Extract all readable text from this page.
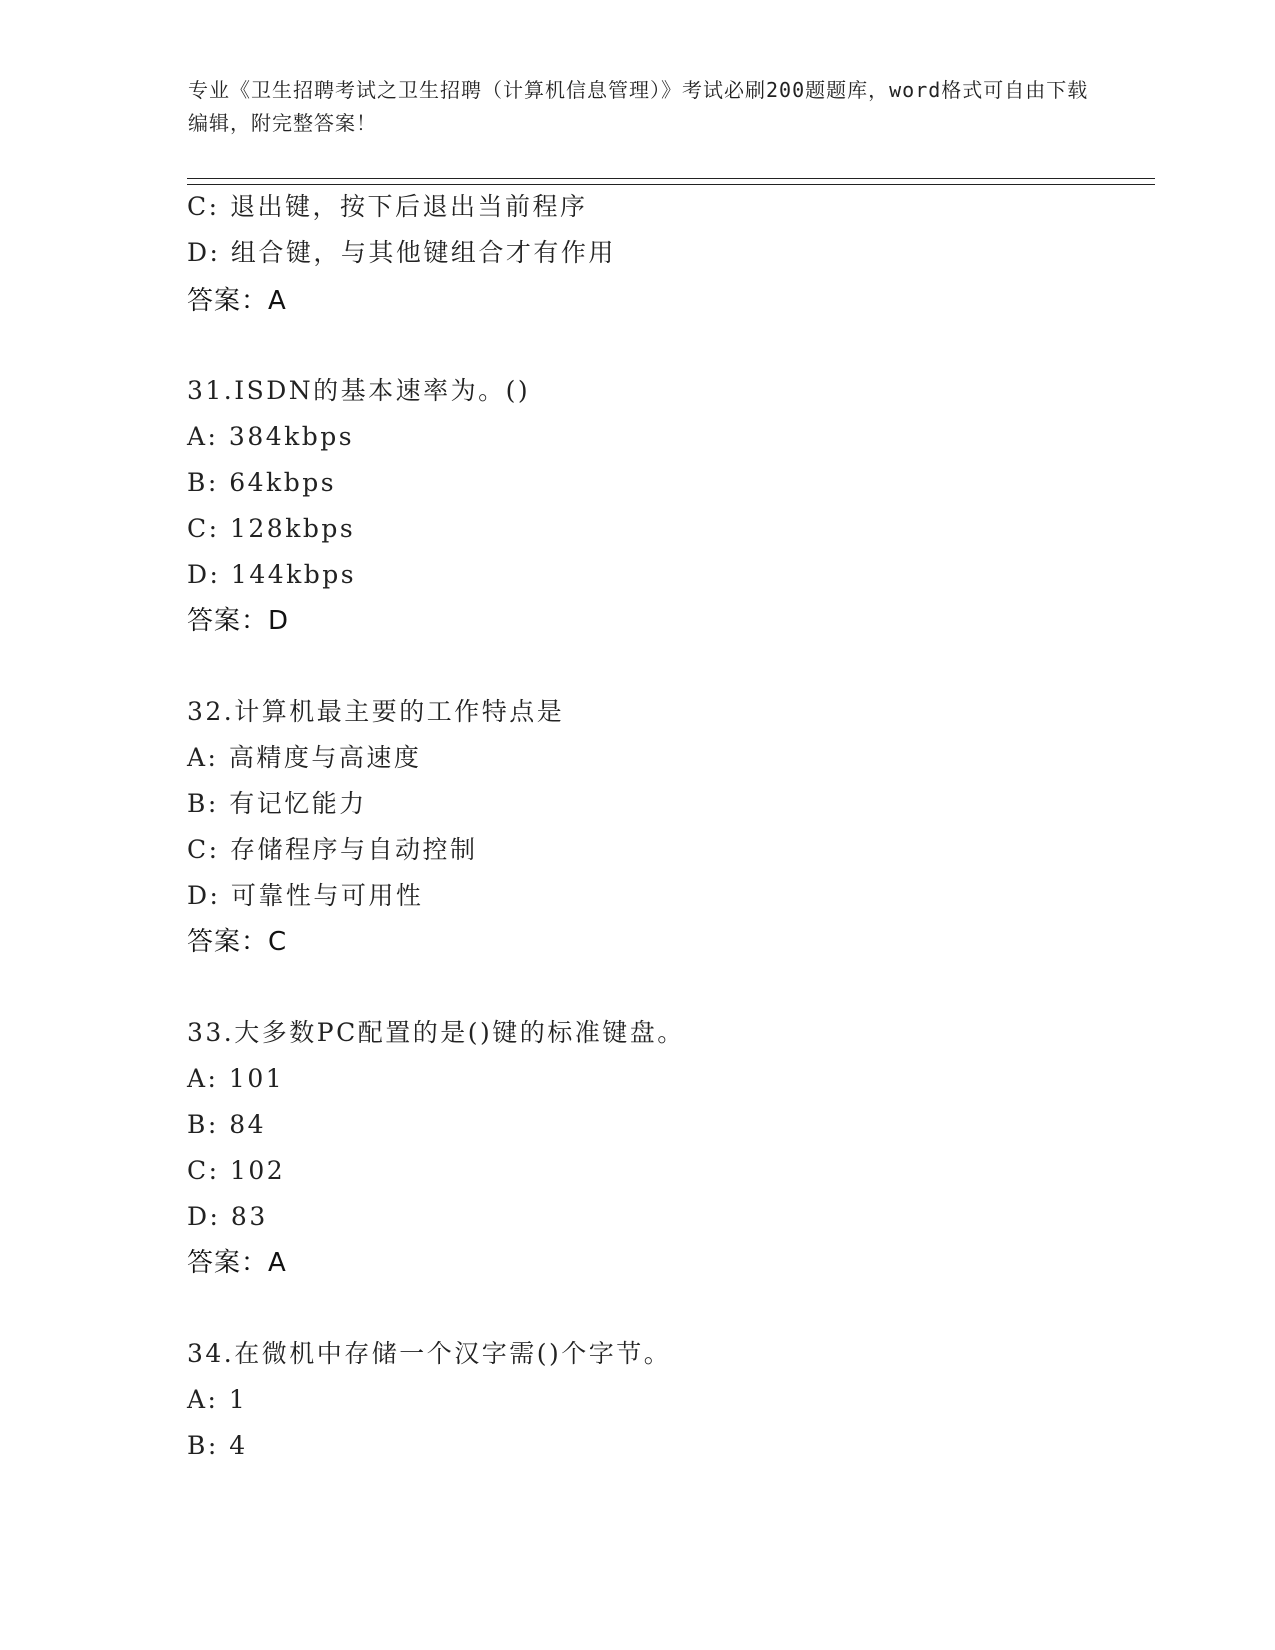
专业《卫生招聘考试之卫生招聘（计算机信息管理）》考试必刷200题题库，word格式可自由下载编辑，附完整答案！
C: 退出键，按下后退出当前程序
D: 组合键，与其他键组合才有作用
答案：A
31.ISDN的基本速率为。()
A: 384kbps
B: 64kbps
C: 128kbps
D: 144kbps
答案：D
32.计算机最主要的工作特点是
A: 高精度与高速度
B: 有记忆能力
C: 存储程序与自动控制
D: 可靠性与可用性
答案：C
33.大多数PC配置的是()键的标准键盘。
A: 101
B: 84
C: 102
D: 83
答案：A
34.在微机中存储一个汉字需()个字节。
A: 1
B: 4
